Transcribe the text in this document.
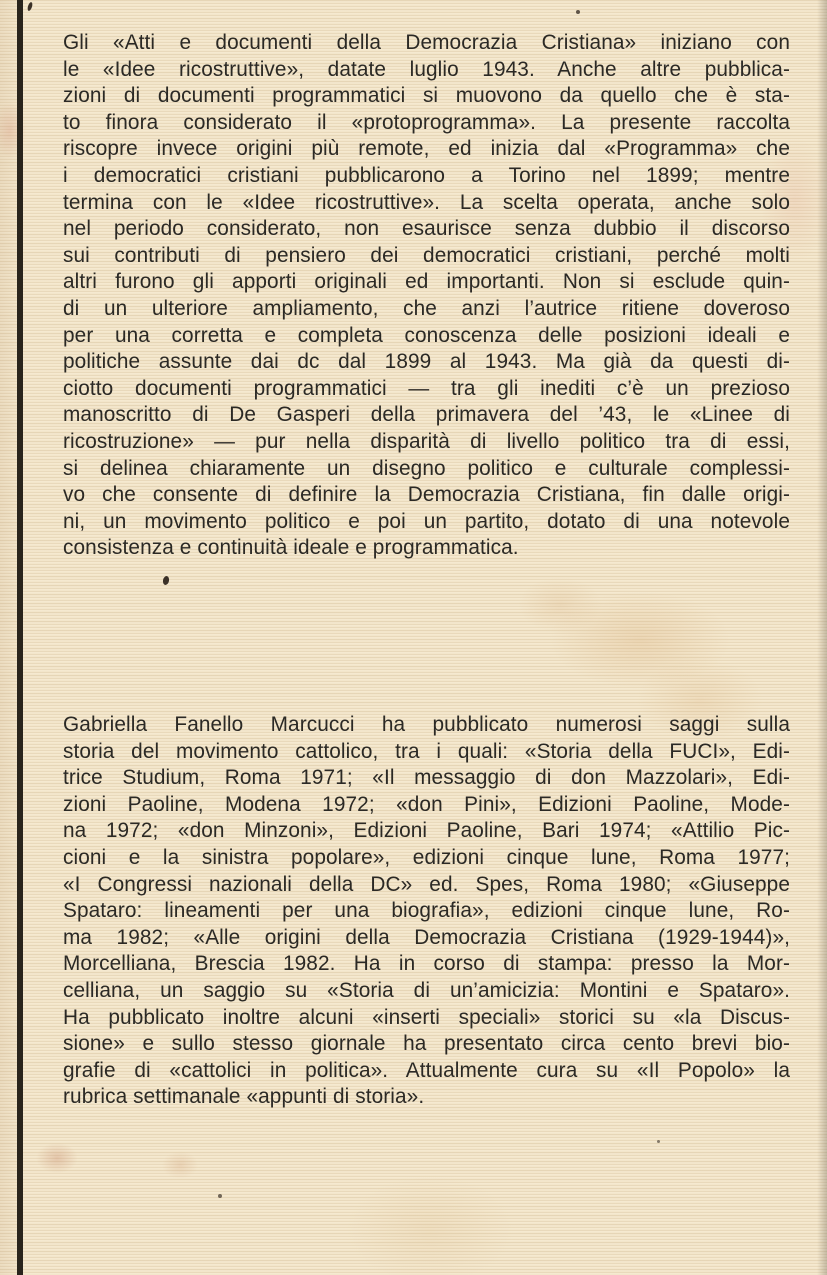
Gli «Atti e documenti della Democrazia Cristiana» iniziano con
le «Idee ricostruttive», datate luglio 1943. Anche altre pubblica-
zioni di documenti programmatici si muovono da quello che è sta-
to finora considerato il «protoprogramma». La presente raccolta
riscopre invece origini più remote, ed inizia dal «Programma» che
i democratici cristiani pubblicarono a Torino nel 1899; mentre
termina con le «Idee ricostruttive». La scelta operata, anche solo
nel periodo considerato, non esaurisce senza dubbio il discorso
sui contributi di pensiero dei democratici cristiani, perché molti
altri furono gli apporti originali ed importanti. Non si esclude quin-
di un ulteriore ampliamento, che anzi l’autrice ritiene doveroso
per una corretta e completa conoscenza delle posizioni ideali e
politiche assunte dai dc dal 1899 al 1943. Ma già da questi di-
ciotto documenti programmatici — tra gli inediti c’è un prezioso
manoscritto di De Gasperi della primavera del ’43, le «Linee di
ricostruzione» — pur nella disparità di livello politico tra di essi,
si delinea chiaramente un disegno politico e culturale complessi-
vo che consente di definire la Democrazia Cristiana, fin dalle origi-
ni, un movimento politico e poi un partito, dotato di una notevole
consistenza e continuità ideale e programmatica.
Gabriella Fanello Marcucci ha pubblicato numerosi saggi sulla
storia del movimento cattolico, tra i quali: «Storia della FUCI», Edi-
trice Studium, Roma 1971; «Il messaggio di don Mazzolari», Edi-
zioni Paoline, Modena 1972; «don Pini», Edizioni Paoline, Mode-
na 1972; «don Minzoni», Edizioni Paoline, Bari 1974; «Attilio Pic-
cioni e la sinistra popolare», edizioni cinque lune, Roma 1977;
«I Congressi nazionali della DC» ed. Spes, Roma 1980; «Giuseppe
Spataro: lineamenti per una biografia», edizioni cinque lune, Ro-
ma 1982; «Alle origini della Democrazia Cristiana (1929-1944)»,
Morcelliana, Brescia 1982. Ha in corso di stampa: presso la Mor-
celliana, un saggio su «Storia di un’amicizia: Montini e Spataro».
Ha pubblicato inoltre alcuni «inserti speciali» storici su «la Discus-
sione» e sullo stesso giornale ha presentato circa cento brevi bio-
grafie di «cattolici in politica». Attualmente cura su «Il Popolo» la
rubrica settimanale «appunti di storia».
